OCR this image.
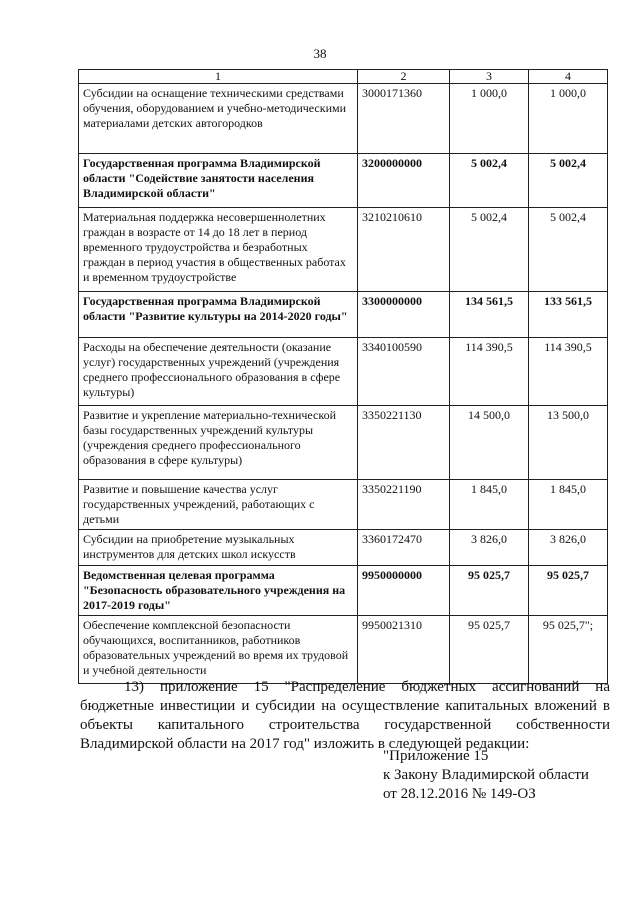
38
1	2	3	4
Субсидии на оснащение техническими средствами обучения, оборудованием и учебно-методическими материалами детских автогородков	3000171360	1 000,0	1 000,0
Государственная программа Владимирской области "Содействие занятости населения Владимирской области"	3200000000	5 002,4	5 002,4
Материальная поддержка несовершеннолетних граждан в возрасте от 14 до 18 лет в период временного трудоустройства и безработных граждан в период участия в общественных работах и временном трудоустройстве	3210210610	5 002,4	5 002,4
Государственная программа Владимирской области "Развитие культуры на 2014-2020 годы"	3300000000	134 561,5	133 561,5
Расходы на обеспечение деятельности (оказание услуг) государственных учреждений (учреждения среднего профессионального образования в сфере культуры)	3340100590	114 390,5	114 390,5
Развитие и укрепление материально-технической базы государственных учреждений культуры (учреждения среднего профессионального образования в сфере культуры)	3350221130	14 500,0	13 500,0
Развитие и повышение качества услуг государственных учреждений, работающих с детьми	3350221190	1 845,0	1 845,0
Субсидии на приобретение музыкальных инструментов для детских школ искусств	3360172470	3 826,0	3 826,0
Ведомственная целевая программа "Безопасность образовательного учреждения на 2017-2019 годы"	9950000000	95 025,7	95 025,7
Обеспечение комплексной безопасности обучающихся, воспитанников, работников образовательных учреждений во время их трудовой и учебной деятельности	9950021310	95 025,7	95 025,7";
13) приложение 15 "Распределение бюджетных ассигнований на бюджетные инвестиции и субсидии на осуществление капитальных вложений в объекты капитального строительства государственной собственности Владимирской области на 2017 год" изложить в следующей редакции:
"Приложение 15
к Закону Владимирской области
от 28.12.2016 № 149-ОЗ
